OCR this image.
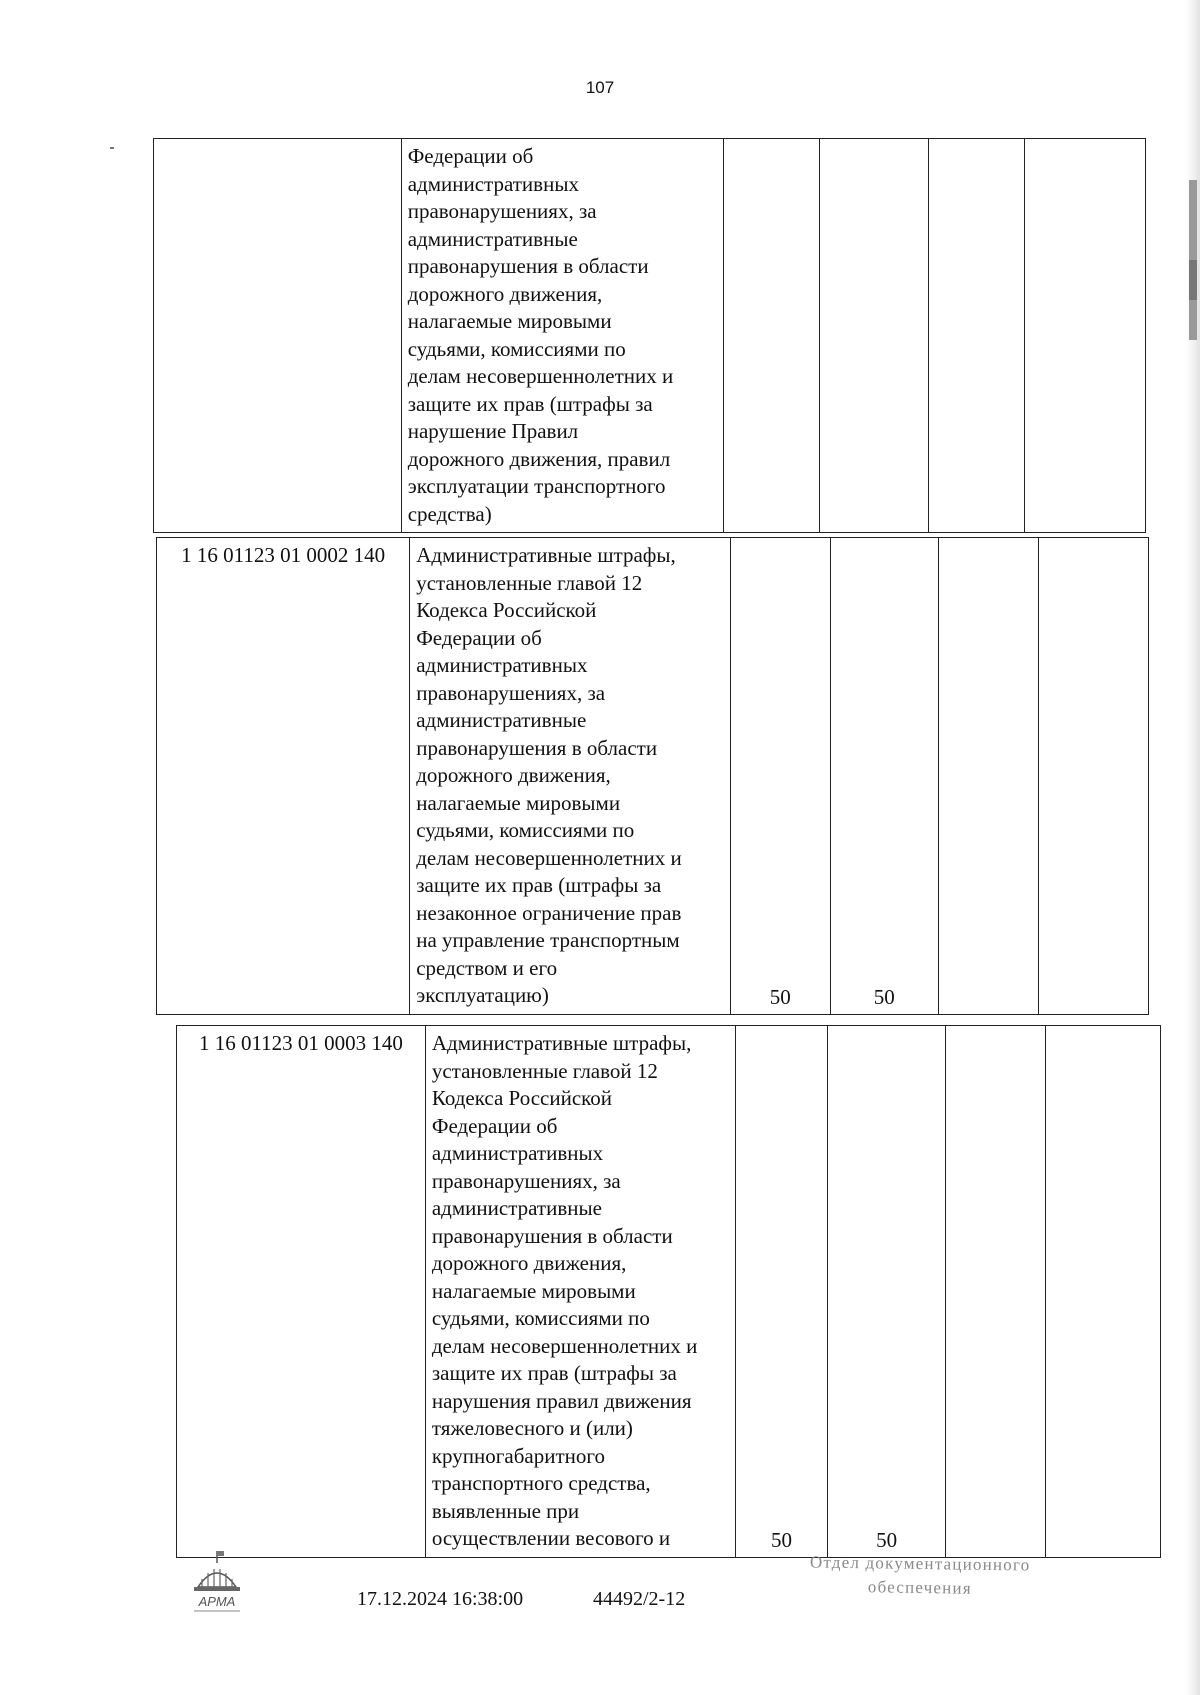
107
	Федерации об
административных
правонарушениях, за
административные
правонарушения в области
дорожного движения,
налагаемые мировыми
судьями, комиссиями по
делам несовершеннолетних и
защите их прав (штрафы за
нарушение Правил
дорожного движения, правил
эксплуатации транспортного
средства)				
1 16 01123 01 0002 140	Административные штрафы,
установленные главой 12
Кодекса Российской
Федерации об
административных
правонарушениях, за
административные
правонарушения в области
дорожного движения,
налагаемые мировыми
судьями, комиссиями по
делам несовершеннолетних и
защите их прав (штрафы за
незаконное ограничение прав
на управление транспортным
средством и его
эксплуатацию)	50	50		
1 16 01123 01 0003 140	Административные штрафы,
установленные главой 12
Кодекса Российской
Федерации об
административных
правонарушениях, за
административные
правонарушения в области
дорожного движения,
налагаемые мировыми
судьями, комиссиями по
делам несовершеннолетних и
защите их прав (штрафы за
нарушения правил движения
тяжеловесного и (или)
крупногабаритного
транспортного средства,
выявленные при
осуществлении весового и	50	50		
АРМА	17.12.2024 16:38:00	44492/2-12
Отдел документационного
обеспечения
